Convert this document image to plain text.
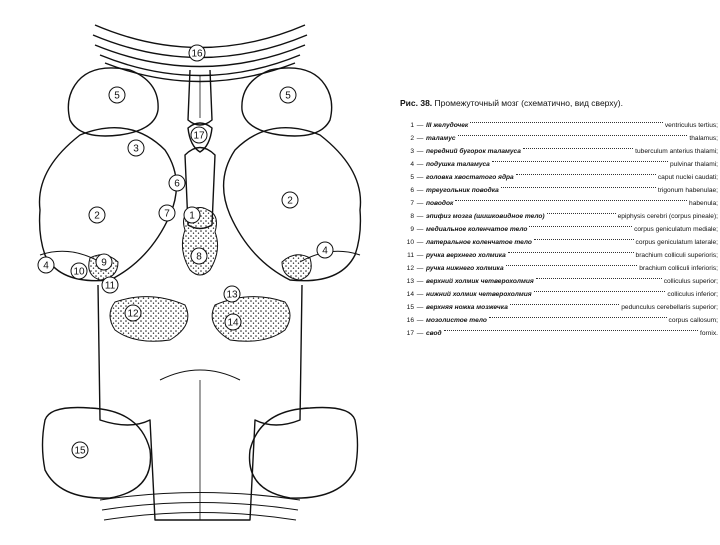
1
2
2
3
4
4
5	5
6
7
8
9
10
11
12
13
14
15
16
17
Рис. 38. Промежуточный мозг (схематично, вид сверху).
1 — III желудочек	ventriculus tertius;
2 — таламус	thalamus;
3 — передний бугорок таламуса	tuberculum anterius thalami;
4 — подушка таламуса	pulvinar thalami;
5 — головка хвостатого ядра	caput nuclei caudati;
6 — треугольник поводка	trigonum habenulae;
7 — поводок	habenula;
8 — эпифиз мозга (шишковидное тело)	epiphysis cerebri (corpus pineale);
9 — медиальное коленчатое тело	corpus geniculatum mediale;
10 — латеральное коленчатое тело	corpus geniculatum laterale;
11 — ручка верхнего холмика	brachium colliculi superioris;
12 — ручка нижнего холмика	brachium colliculi inferioris;
13 — верхний холмик четверохолмия	colliculus superior;
14 — нижний холмик четверохолмия	colliculus inferior;
15 — верхняя ножка мозжечка	pedunculus cerebellaris superior;
16 — мозолистое тело	corpus callosum;
17 — свод	fornix.
